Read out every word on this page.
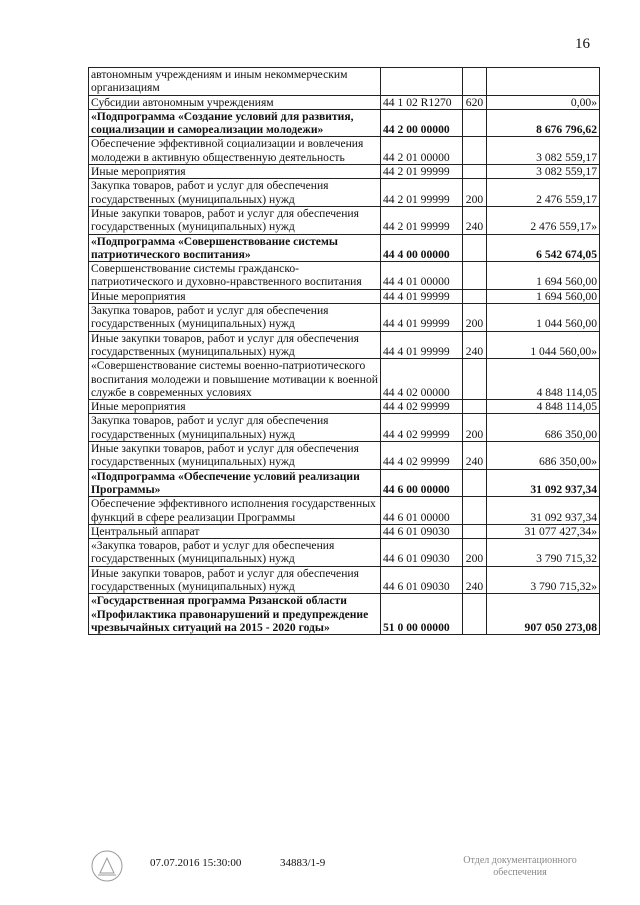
16
автономным учреждениям и иным некоммерческим организациям			
Субсидии автономным учреждениям	44 1 02 R1270	620	0,00»
«Подпрограмма «Создание условий для развития, социализации и самореализации молодежи»	44 2 00 00000		8 676 796,62
Обеспечение эффективной социализации и вовлечения молодежи в активную общественную деятельность	44 2 01 00000		3 082 559,17
Иные мероприятия	44 2 01 99999		3 082 559,17
Закупка товаров, работ и услуг для обеспечения государственных (муниципальных) нужд	44 2 01 99999	200	2 476 559,17
Иные закупки товаров, работ и услуг для обеспечения государственных (муниципальных) нужд	44 2 01 99999	240	2 476 559,17»
«Подпрограмма «Совершенствование системы патриотического воспитания»	44 4 00 00000		6 542 674,05
Совершенствование системы гражданско-патриотического и духовно-нравственного воспитания	44 4 01 00000		1 694 560,00
Иные мероприятия	44 4 01 99999		1 694 560,00
Закупка товаров, работ и услуг для обеспечения государственных (муниципальных) нужд	44 4 01 99999	200	1 044 560,00
Иные закупки товаров, работ и услуг для обеспечения государственных (муниципальных) нужд	44 4 01 99999	240	1 044 560,00»
«Совершенствование системы военно-патриотического воспитания молодежи и повышение мотивации к военной службе в современных условиях	44 4 02 00000		4 848 114,05
Иные мероприятия	44 4 02 99999		4 848 114,05
Закупка товаров, работ и услуг для обеспечения государственных (муниципальных) нужд	44 4 02 99999	200	686 350,00
Иные закупки товаров, работ и услуг для обеспечения государственных (муниципальных) нужд	44 4 02 99999	240	686 350,00»
«Подпрограмма «Обеспечение условий реализации Программы»	44 6 00 00000		31 092 937,34
Обеспечение эффективного исполнения государственных функций в сфере реализации Программы	44 6 01 00000		31 092 937,34
Центральный аппарат	44 6 01 09030		31 077 427,34»
«Закупка товаров, работ и услуг для обеспечения государственных (муниципальных) нужд	44 6 01 09030	200	3 790 715,32
Иные закупки товаров, работ и услуг для обеспечения государственных (муниципальных) нужд	44 6 01 09030	240	3 790 715,32»
«Государственная программа Рязанской области «Профилактика правонарушений и предупреждение чрезвычайных ситуаций на 2015 - 2020 годы»	51 0 00 00000		907 050 273,08
07.07.2016 15:30:00	34883/1-9	Отдел документационного обеспечения
